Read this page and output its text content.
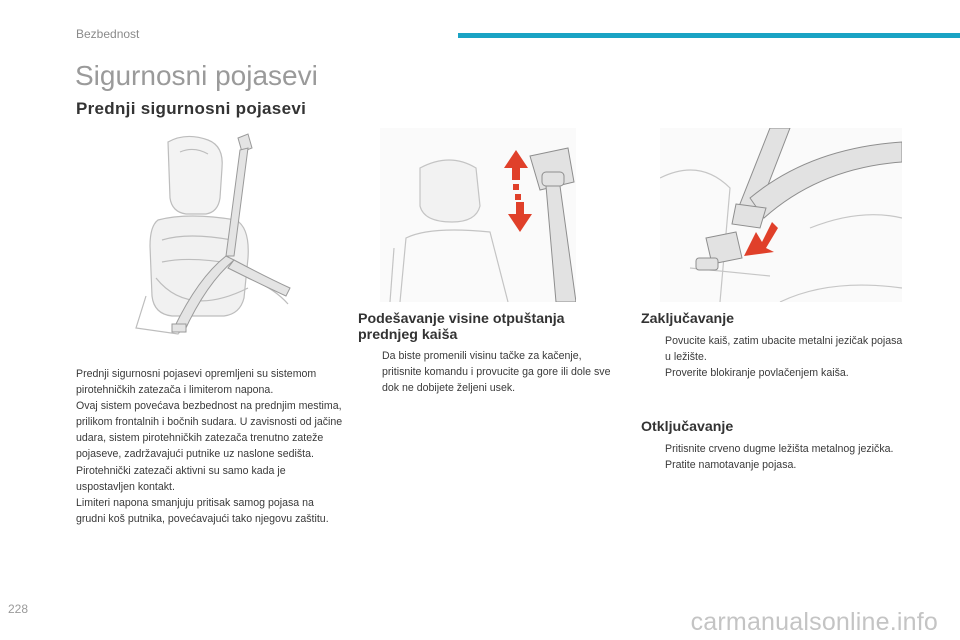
Bezbednost
Sigurnosni pojasevi
Prednji sigurnosni pojasevi

Prednji sigurnosni pojasevi opremljeni su sistemom pirotehničkih zatezača i limiterom napona.

Ovaj sistem povećava bezbednost na prednjim mestima, prilikom frontalnih i bočnih sudara. U zavisnosti od jačine udara, sistem pirotehničkih zatezača trenutno zateže pojaseve, zadržavajući putnike uz naslone sedišta.

Pirotehnički zatezači aktivni su samo kada je uspostavljen kontakt.

Limiteri napona smanjuju pritisak samog pojasa na grudni koš putnika, povećavajući tako njegovu zaštitu.

Podešavanje visine otpuštanja
prednjeg kaiša
Da biste promenili visinu tačke za kačenje, pritisnite komandu i provucite ga gore ili dole sve dok ne dobijete željeni usek.
Zaključavanje
Povucite kaiš, zatim ubacite metalni jezičak pojasa u ležište.
Proverite blokiranje povlačenjem kaiša.
Otključavanje
Pritisnite crveno dugme ležišta metalnog jezička.
Pratite namotavanje pojasa.
228	carmanualsonline.info
